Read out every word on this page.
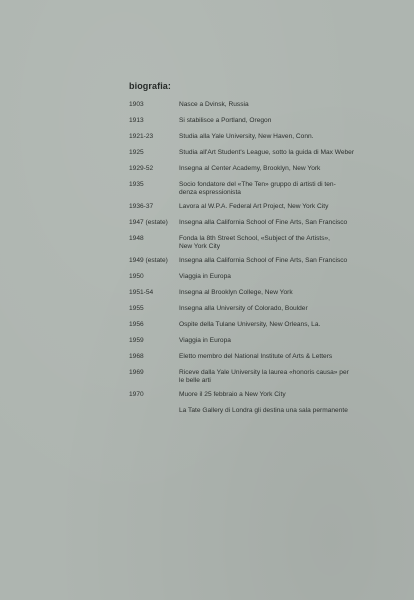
biografia:
1903	Nasce a Dvinsk, Russia
1913	Si stabilisce a Portland, Oregon
1921-23	Studia alla Yale University, New Haven, Conn.
1925	Studia all'Art Student's League, sotto la guida di Max Weber
1929-52	Insegna al Center Academy, Brooklyn, New York
1935	Socio fondatore del «The Ten» gruppo di artisti di ten-
denza espressionista
1936-37	Lavora al W.P.A. Federal Art Project, New York City
1947 (estate)	Insegna alla California School of Fine Arts, San Francisco
1948	Fonda la 8th Street School, «Subject of the Artists»,
New York City
1949 (estate)	Insegna alla California School of Fine Arts, San Francisco
1950	Viaggia in Europa
1951-54	Insegna al Brooklyn College, New York
1955	Insegna alla University of Colorado, Boulder
1956	Ospite della Tulane University, New Orleans, La.
1959	Viaggia in Europa
1968	Eletto membro del National Institute of Arts & Letters
1969	Riceve dalla Yale University la laurea «honoris causa» per
le belle arti
1970	Muore il 25 febbraio a New York City
La Tate Gallery di Londra gli destina una sala permanente
